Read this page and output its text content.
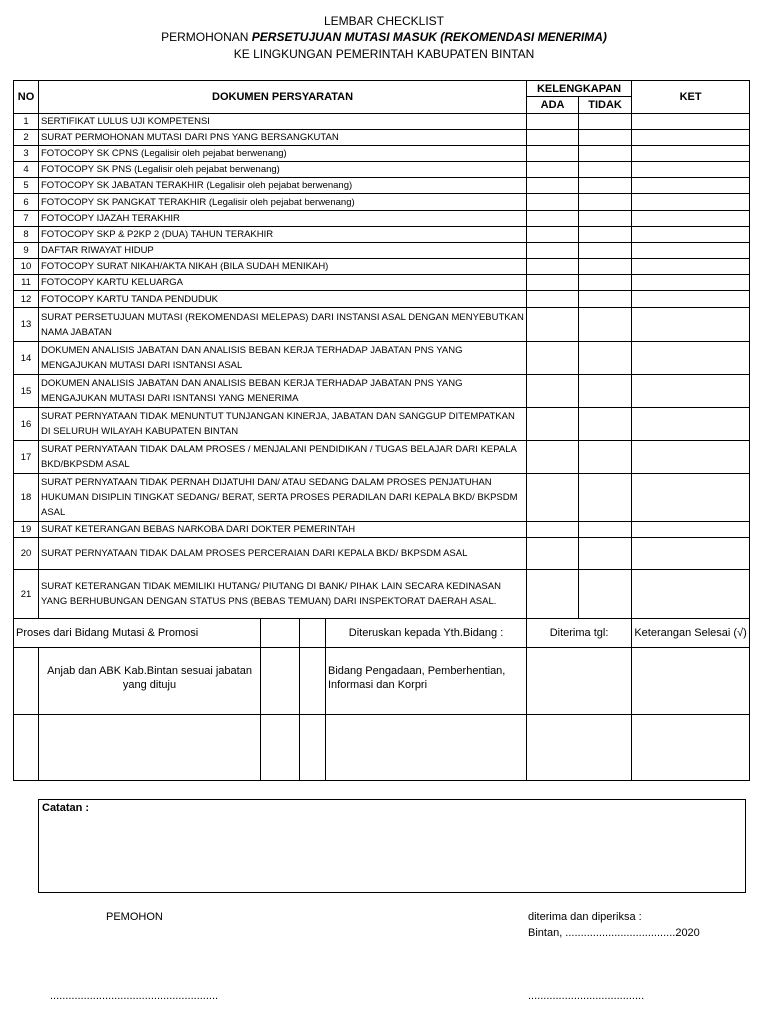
LEMBAR CHECKLIST
PERMOHONAN PERSETUJUAN MUTASI MASUK (REKOMENDASI MENERIMA)
KE LINGKUNGAN PEMERINTAH KABUPATEN BINTAN
NO	DOKUMEN PERSYARATAN				KELENGKAPAN		KET
					ADA	TIDAK	
1	SERTIFIKAT LULUS UJI KOMPETENSI						
2	SURAT PERMOHONAN MUTASI DARI PNS YANG BERSANGKUTAN						
3	FOTOCOPY SK CPNS (Legalisir oleh pejabat berwenang)						
4	FOTOCOPY SK PNS (Legalisir oleh pejabat berwenang)						
5	FOTOCOPY SK JABATAN TERAKHIR (Legalisir oleh pejabat berwenang)						
6	FOTOCOPY SK PANGKAT TERAKHIR (Legalisir oleh pejabat berwenang)						
7	FOTOCOPY IJAZAH TERAKHIR						
8	FOTOCOPY SKP & P2KP 2 (DUA) TAHUN TERAKHIR						
9	DAFTAR RIWAYAT HIDUP						
10	FOTOCOPY SURAT NIKAH/AKTA NIKAH (BILA SUDAH MENIKAH)						
11	FOTOCOPY KARTU KELUARGA						
12	FOTOCOPY KARTU TANDA PENDUDUK						
13	SURAT PERSETUJUAN MUTASI (REKOMENDASI MELEPAS) DARI INSTANSI ASAL DENGAN MENYEBUTKAN NAMA JABATAN						
14	DOKUMEN ANALISIS JABATAN DAN ANALISIS BEBAN KERJA TERHADAP JABATAN PNS YANG MENGAJUKAN MUTASI DARI ISNTANSI ASAL						
15	DOKUMEN ANALISIS JABATAN DAN ANALISIS BEBAN KERJA TERHADAP JABATAN PNS YANG MENGAJUKAN MUTASI DARI ISNTANSI YANG MENERIMA						
16	SURAT PERNYATAAN TIDAK MENUNTUT TUNJANGAN KINERJA, JABATAN DAN SANGGUP DITEMPATKAN DI SELURUH WILAYAH KABUPATEN BINTAN						
17	SURAT PERNYATAAN TIDAK DALAM PROSES / MENJALANI PENDIDIKAN / TUGAS BELAJAR DARI KEPALA BKD/BKPSDM ASAL						
18	SURAT PERNYATAAN TIDAK PERNAH DIJATUHI DAN/ ATAU SEDANG DALAM PROSES PENJATUHAN HUKUMAN DISIPLIN TINGKAT SEDANG/ BERAT, SERTA PROSES PERADILAN DARI KEPALA BKD/ BKPSDM ASAL						
19	SURAT KETERANGAN BEBAS NARKOBA DARI DOKTER PEMERINTAH						
20	SURAT PERNYATAAN TIDAK DALAM PROSES PERCERAIAN DARI KEPALA BKD/ BKPSDM ASAL						
21	SURAT KETERANGAN TIDAK MEMILIKI HUTANG/ PIUTANG DI BANK/ PIHAK LAIN SECARA KEDINASAN YANG BERHUBUNGAN DENGAN STATUS PNS (BEBAS TEMUAN) DARI INSPEKTORAT DAERAH ASAL.						
Proses dari Bidang Mutasi & Promosi				Diteruskan kepada Yth.Bidang :	Diterima tgl:		Keterangan Selesai (√)
	Anjab dan ABK Kab.Bintan sesuai jabatan yang dituju			Bidang Pengadaan, Pemberhentian, Informasi dan Korpri			

Catatan :
PEMOHON	diterima dan diperiksa :
Bintan, ....................................2020
.......................................................	......................................
